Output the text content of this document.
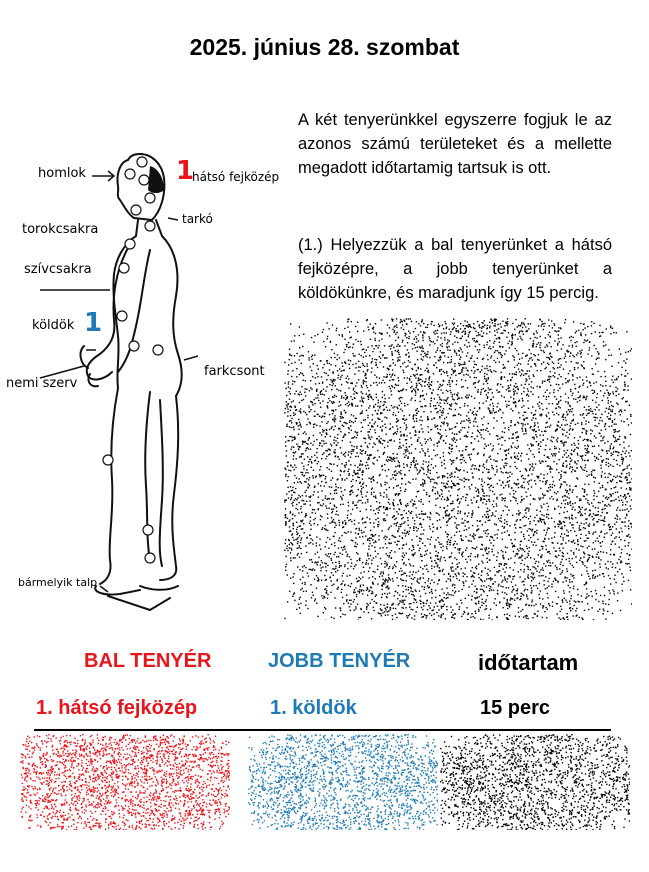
2025. június 28. szombat
homlok	1
hátsó fejközép
tarkó
torokcsakra
szívcsakra
köldök 1
farkcsont
nemi szerv
bármelyik talp
A két tenyerünkkel egyszerre fogjuk le az azonos számú területeket és a mellette megadott időtartamig tartsuk is ott.
(1.) Helyezzük a bal tenyerünket a hátsó fejközépre, a jobb tenyerünket a köldökünkre, és maradjunk így 15 percig.
BAL TENYÉR	JOBB TENYÉR	időtartam
1. hátsó fejközép	1. köldök	15 perc
